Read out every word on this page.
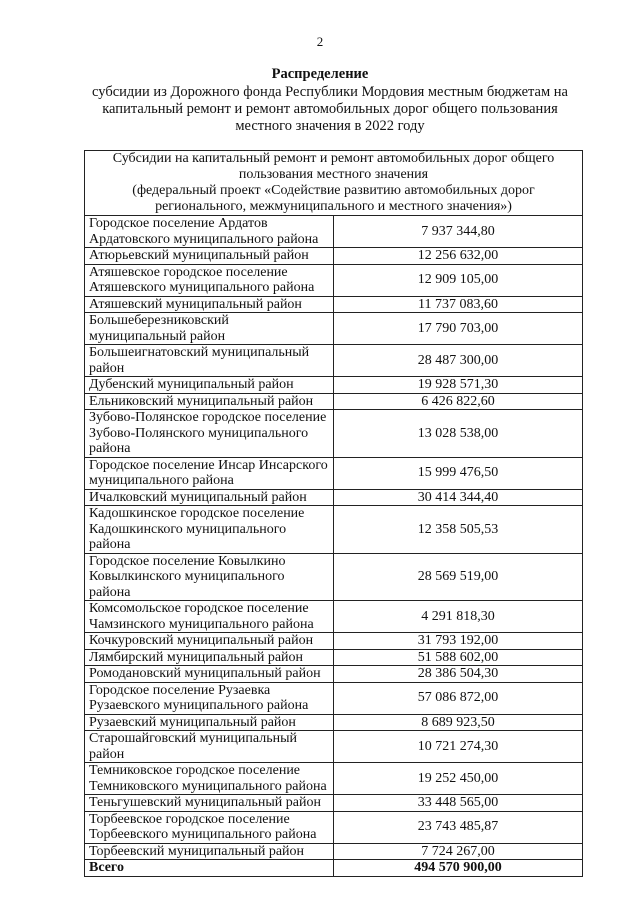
2
Распределение
субсидии из Дорожного фонда Республики Мордовия местным бюджетам на
капитальный ремонт и ремонт автомобильных дорог общего пользования
местного значения в 2022 году
Субсидии на капитальный ремонт и ремонт автомобильных дорог общего
пользования местного значения
(федеральный проект «Содействие развитию автомобильных дорог
регионального, межмуниципального и местного значения»)	

Городское поселение Ардатов Ардатовского муниципального района	7 937 344,80
Атюрьевский муниципальный район	12 256 632,00
Атяшевское городское поселение Атяшевского муниципального района	12 909 105,00
Атяшевский муниципальный район	11 737 083,60
Большеберезниковский муниципальный район	17 790 703,00
Большеигнатовский муниципальный район	28 487 300,00
Дубенский муниципальный район	19 928 571,30
Ельниковский муниципальный район	6 426 822,60
Зубово-Полянское городское поселение Зубово-Полянского муниципального района	13 028 538,00
Городское поселение Инсар Инсарского муниципального района	15 999 476,50
Ичалковский муниципальный район	30 414 344,40
Кадошкинское городское поселение Кадошкинского муниципального района	12 358 505,53
Городское поселение Ковылкино Ковылкинского муниципального района	28 569 519,00
Комсомольское городское поселение Чамзинского муниципального района	4 291 818,30
Кочкуровский муниципальный район	31 793 192,00
Лямбирский муниципальный район	51 588 602,00
Ромодановский муниципальный район	28 386 504,30
Городское поселение Рузаевка Рузаевского муниципального района	57 086 872,00
Рузаевский муниципальный район	8 689 923,50
Старошайговский муниципальный район	10 721 274,30
Темниковское городское поселение Темниковского муниципального района	19 252 450,00
Теньгушевский муниципальный район	33 448 565,00
Торбеевское городское поселение Торбеевского муниципального района	23 743 485,87
Торбеевский муниципальный район	7 724 267,00
Всего	494 570 900,00
